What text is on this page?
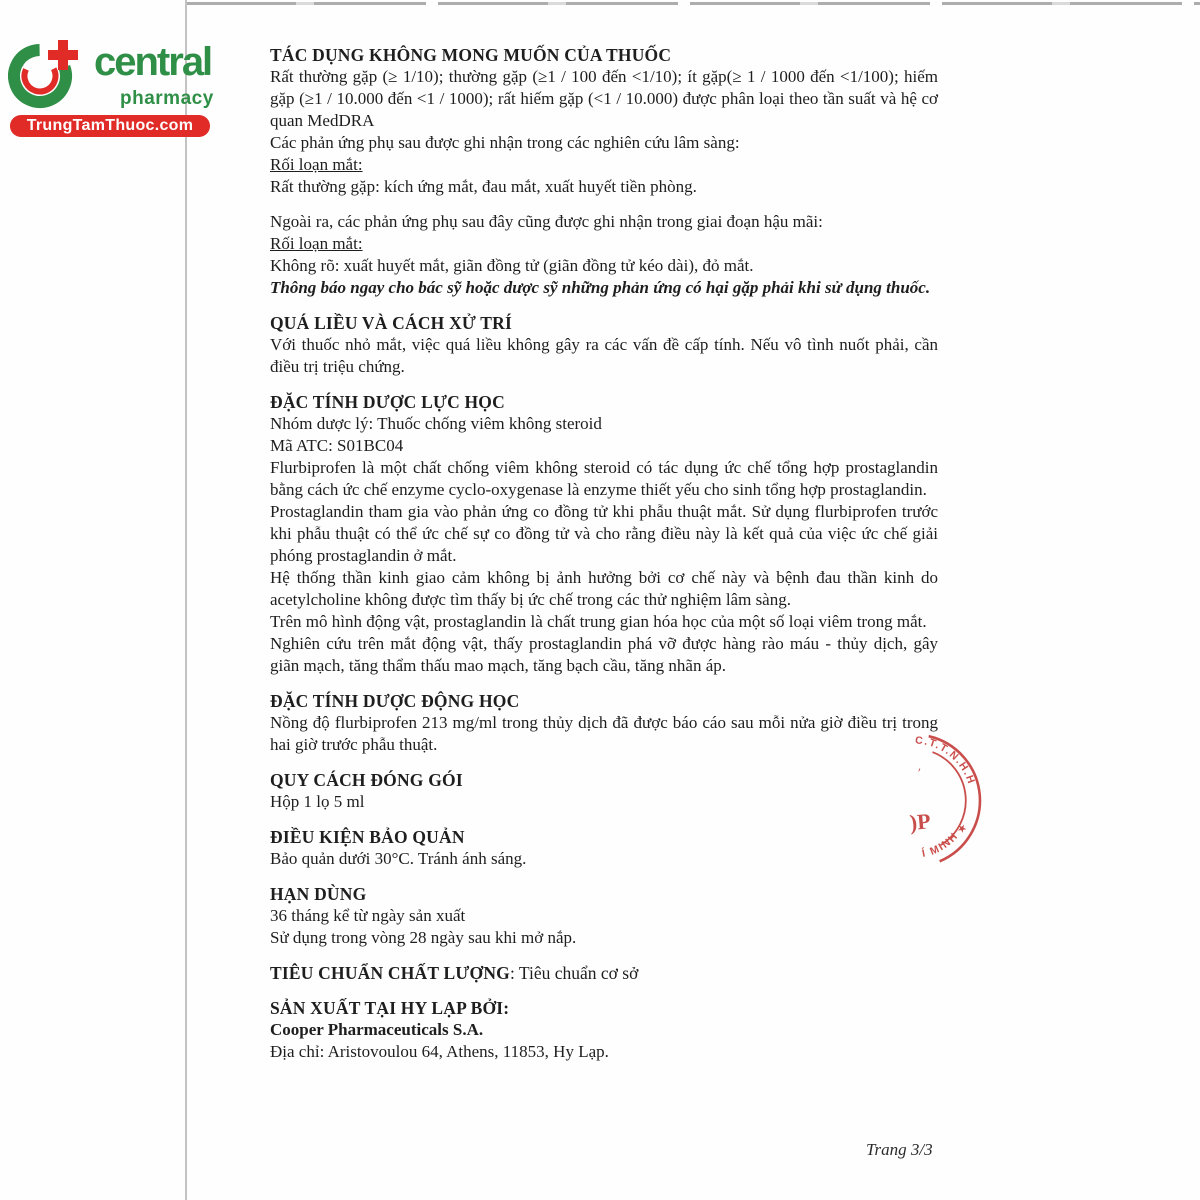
central
pharmacy
TrungTamThuoc.com
TÁC DỤNG KHÔNG MONG MUỐN CỦA THUỐC

Rất thường gặp (≥ 1/10); thường gặp (≥1 / 100 đến <1/10); ít gặp(≥ 1 / 1000 đến <1/100); hiếm gặp (≥1 / 10.000 đến <1 / 1000); rất hiếm gặp (<1 / 10.000) được phân loại theo tần suất và hệ cơ quan MedDRA

Các phản ứng phụ sau được ghi nhận trong các nghiên cứu lâm sàng:

Rối loạn mắt:

Rất thường gặp: kích ứng mắt, đau mắt, xuất huyết tiền phòng.

Ngoài ra, các phản ứng phụ sau đây cũng được ghi nhận trong giai đoạn hậu mãi:

Rối loạn mắt:

Không rõ: xuất huyết mắt, giãn đồng tử (giãn đồng tử kéo dài), đỏ mắt.

Thông báo ngay cho bác sỹ hoặc dược sỹ những phản ứng có hại gặp phải khi sử dụng thuốc.

QUÁ LIỀU VÀ CÁCH XỬ TRÍ

Với thuốc nhỏ mắt, việc quá liều không gây ra các vấn đề cấp tính. Nếu vô tình nuốt phải, cần điều trị triệu chứng.

ĐẶC TÍNH DƯỢC LỰC HỌC

Nhóm dược lý: Thuốc chống viêm không steroid

Mã ATC: S01BC04

Flurbiprofen là một chất chống viêm không steroid có tác dụng ức chế tổng hợp prostaglandin bằng cách ức chế enzyme cyclo-oxygenase là enzyme thiết yếu cho sinh tổng hợp prostaglandin.

Prostaglandin tham gia vào phản ứng co đồng tử khi phẫu thuật mắt. Sử dụng flurbiprofen trước khi phẫu thuật có thể ức chế sự co đồng tử và cho rằng điều này là kết quả của việc ức chế giải phóng prostaglandin ở mắt.

Hệ thống thần kinh giao cảm không bị ảnh hưởng bởi cơ chế này và bệnh đau thần kinh do acetylcholine không được tìm thấy bị ức chế trong các thử nghiệm lâm sàng.

Trên mô hình động vật, prostaglandin là chất trung gian hóa học của một số loại viêm trong mắt.

Nghiên cứu trên mắt động vật, thấy prostaglandin phá vỡ được hàng rào máu - thủy dịch, gây giãn mạch, tăng thẩm thấu mao mạch, tăng bạch cầu, tăng nhãn áp.

ĐẶC TÍNH DƯỢC ĐỘNG HỌC

Nồng độ flurbiprofen 213 mg/ml trong thủy dịch đã được báo cáo sau mỗi nửa giờ điều trị trong hai giờ trước phẫu thuật.

QUY CÁCH ĐÓNG GÓI

Hộp 1 lọ 5 ml

ĐIỀU KIỆN BẢO QUẢN

Bảo quản dưới 30°C. Tránh ánh sáng.

HẠN DÙNG

36 tháng kể từ ngày sản xuất

Sử dụng trong vòng 28 ngày sau khi mở nắp.

TIÊU CHUẨN CHẤT LƯỢNG: Tiêu chuẩn cơ sở
SẢN XUẤT TẠI HY LẠP BỞI:

Cooper Pharmaceuticals S.A.

Địa chỉ: Aristovoulou 64, Athens, 11853, Hy Lạp.

C.T.T.N.H.H
Í MINH
★
)P
'
Trang 3/3
